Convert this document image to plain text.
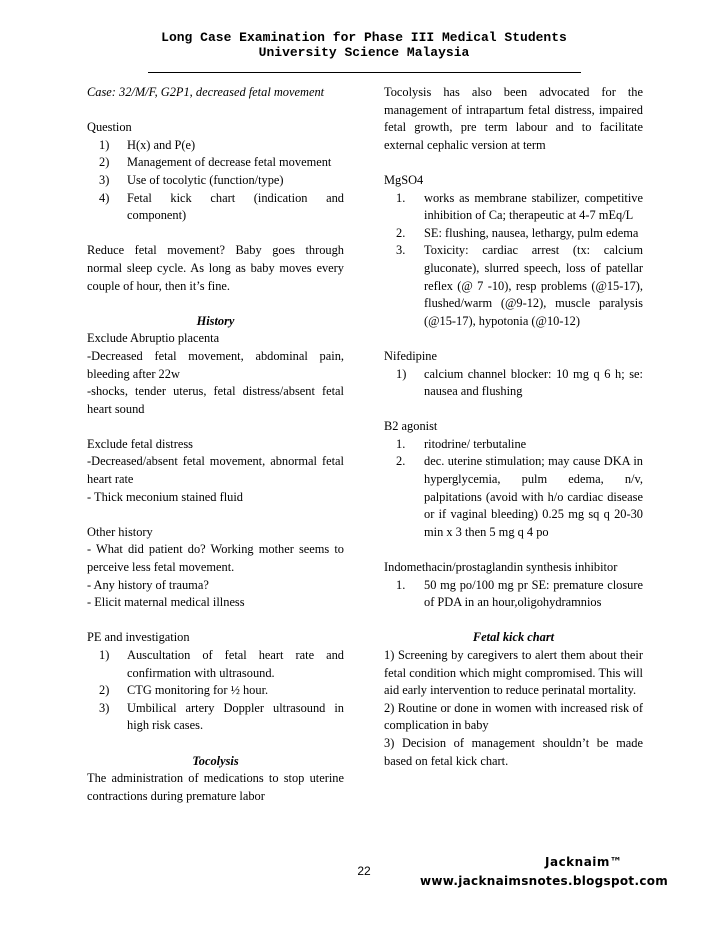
Long Case Examination for Phase III Medical Students
University Science Malaysia

Case: 32/M/F, G2P1, decreased fetal movement

Question

1) H(x) and P(e)
2) Management of decrease fetal movement
3) Use of tocolytic (function/type)
4) Fetal kick chart (indication and component)

Reduce fetal movement? Baby goes through normal sleep cycle. As long as baby moves every couple of hour, then it’s fine.

History

Exclude Abruptio placenta

-Decreased fetal movement, abdominal pain, bleeding after 22w

-shocks, tender uterus, fetal distress/absent fetal heart sound

Exclude fetal distress

-Decreased/absent fetal movement, abnormal fetal heart rate

- Thick meconium stained fluid

Other history

- What did patient do? Working mother seems to perceive less fetal movement.

- Any history of trauma?

- Elicit maternal medical illness

PE and investigation

1) Auscultation of fetal heart rate and confirmation with ultrasound.
2) CTG monitoring for ½ hour.
3) Umbilical artery Doppler ultrasound in high risk cases.

Tocolysis

The administration of medications to stop uterine contractions during premature labor

Tocolysis has also been advocated for the management of intrapartum fetal distress, impaired fetal growth, pre term labour and to facilitate external cephalic version at term

MgSO4

1. works as membrane stabilizer, competitive inhibition of Ca; therapeutic at 4-7 mEq/L
2. SE: flushing, nausea, lethargy, pulm edema
3. Toxicity: cardiac arrest (tx: calcium gluconate), slurred speech, loss of patellar reflex (@ 7 -10), resp problems (@15-17), flushed/warm (@9-12), muscle paralysis (@15-17), hypotonia (@10-12)

Nifedipine

1) calcium channel blocker: 10 mg q 6 h; se: nausea and flushing

B2 agonist

1. ritodrine/ terbutaline
2. dec. uterine stimulation; may cause DKA in hyperglycemia, pulm edema, n/v, palpitations (avoid with h/o cardiac disease or if vaginal bleeding) 0.25 mg sq q 20-30 min x 3 then 5 mg q 4 po

Indomethacin/prostaglandin synthesis inhibitor

1. 50 mg po/100 mg pr SE: premature closure of PDA in an hour,oligohydramnios

Fetal kick chart

1) Screening by caregivers to alert them about their fetal condition which might compromised. This will aid early intervention to reduce perinatal mortality.

2) Routine or done in women with increased risk of complication in baby

3) Decision of management shouldn’t be made based on fetal kick chart.

22
Jacknaim™
www.jacknaimsnotes.blogspot.com
